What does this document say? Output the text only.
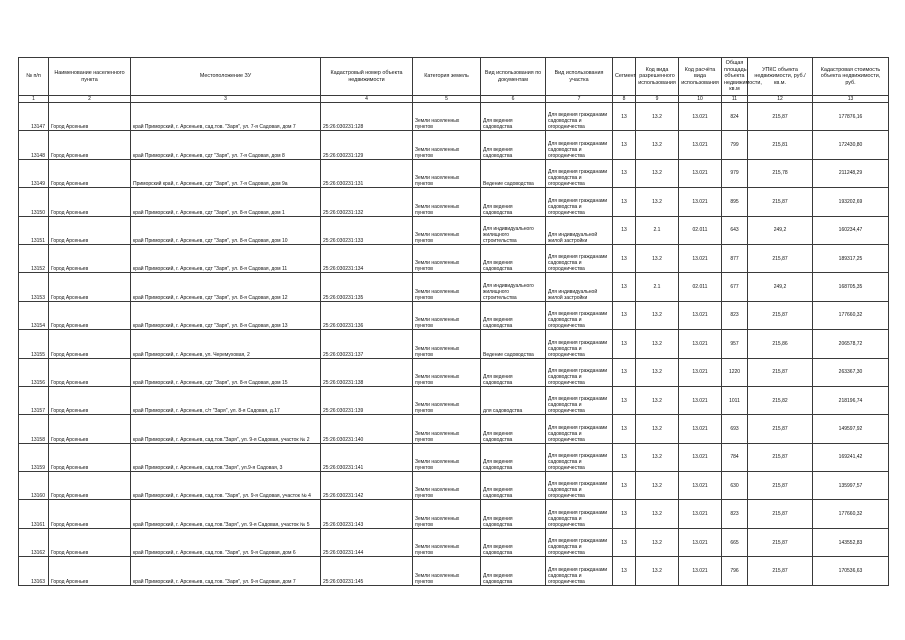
№ п/п	Наименование населенного пункта	Местоположение ЗУ	Кадастровый номер объекта недвижимости	Категория земель	Вид использования по документам	Вид использования участка	Сегмент	Код вида разрешенного использования	Код расчёта вида использования	Общая площадь объекта недвижимости, кв.м	УПКС объекта недвижимости, руб./кв.м.	Кадастровая стоимость объекта недвижимости, руб.
1	2	3	4	5	6	7	8	9	10	11	12	13
13147	Город Арсеньев	край Приморский, г. Арсеньев, сад.тов. "Заря", ул. 7-я Садовая, дом 7	25:26:030231:128	Земли населенных пунктов	Для ведения садоводства	Для ведения гражданами садоводства и огородничества	13	13.2	13.021	824	215,87	177876,16
13148	Город Арсеньев	край Приморский, г. Арсеньев, сдт "Заря", ул. 7-я Садовая, дом 8	25:26:030231:129	Земли населенных пунктов	Для ведения садоводства	Для ведения гражданами садоводства и огородничества	13	13.2	13.021	799	215,81	172430,80
13149	Город Арсеньев	Приморский край, г. Арсеньев, сдт "Заря", ул. 7-я Садовая, дом 9а	25:26:030231:131	Земли населенных пунктов	Ведение садоводства	Для ведения гражданами садоводства и огородничества	13	13.2	13.021	979	215,78	211248,29
13150	Город Арсеньев	край Приморский, г. Арсеньев, сдт "Заря", ул. 8-я Садовая, дом 1	25:26:030231:132	Земли населенных пунктов	Для ведения садоводства	Для ведения гражданами садоводства и огородничества	13	13.2	13.021	895	215,87	193202,69
13151	Город Арсеньев	край Приморский, г. Арсеньев, сдт "Заря", ул. 8-я Садовая, дом 10	25:26:030231:133	Земли населенных пунктов	Для индивидуального жилищного строительства	Для индивидуальной жилой застройки	13	2.1	02.011	643	249,2	160234,47
13152	Город Арсеньев	край Приморский, г. Арсеньев, сдт "Заря", ул. 8-я Садовая, дом 11	25:26:030231:134	Земли населенных пунктов	Для ведения садоводства	Для ведения гражданами садоводства и огородничества	13	13.2	13.021	877	215,87	189317,25
13153	Город Арсеньев	край Приморский, г. Арсеньев, сдт "Заря", ул. 8-я Садовая, дом 12	25:26:030231:135	Земли населенных пунктов	Для индивидуального жилищного строительства	Для индивидуальной жилой застройки	13	2.1	02.011	677	249,2	168705,35
13154	Город Арсеньев	край Приморский, г. Арсеньев, сдт "Заря", ул. 8-я Садовая, дом 13	25:26:030231:136	Земли населенных пунктов	Для ведения садоводства	Для ведения гражданами садоводства и огородничества	13	13.2	13.021	823	215,87	177660,32
13155	Город Арсеньев	край Приморский, г. Арсеньев, ул. Черемуховая, 2	25:26:030231:137	Земли населенных пунктов	Ведение садоводства	Для ведения гражданами садоводства и огородничества	13	13.2	13.021	957	215,86	206578,72
13156	Город Арсеньев	край Приморский, г. Арсеньев, сдт "Заря", ул. 8-я Садовая, дом 15	25:26:030231:138	Земли населенных пунктов	Для ведения садоводства	Для ведения гражданами садоводства и огородничества	13	13.2	13.021	1220	215,87	263367,30
13157	Город Арсеньев	край Приморский, г. Арсеньев, с/т "Заря", ул. 8-я Садовая, д.17	25:26:030231:139	Земли населенных пунктов	для садоводства	Для ведения гражданами садоводства и огородничества	13	13.2	13.021	1011	215,82	218196,74
13158	Город Арсеньев	край Приморский, г. Арсеньев, сад.тов."Заря", ул. 9-я Садовая, участок № 2	25:26:030231:140	Земли населенных пунктов	Для ведения садоводства	Для ведения гражданами садоводства и огородничества	13	13.2	13.021	693	215,87	149597,92
13159	Город Арсеньев	край Приморский, г. Арсеньев, сад.тов."Заря", ул.9-я Садовая, 3	25:26:030231:141	Земли населенных пунктов	Для ведения садоводства	Для ведения гражданами садоводства и огородничества	13	13.2	13.021	784	215,87	169241,42
13160	Город Арсеньев	край Приморский, г. Арсеньев, сад.тов. "Заря", ул. 9-я Садовая, участок № 4	25:26:030231:142	Земли населенных пунктов	Для ведения садоводства	Для ведения гражданами садоводства и огородничества	13	13.2	13.021	630	215,87	135997,57
13161	Город Арсеньев	край Приморский, г. Арсеньев, сад.тов."Заря", ул. 9-я Садовая, участок № 5	25:26:030231:143	Земли населенных пунктов	Для ведения садоводства	Для ведения гражданами садоводства и огородничества	13	13.2	13.021	823	215,87	177660,32
13162	Город Арсеньев	край Приморский, г. Арсеньев, сад.тов. "Заря", ул. 9-я Садовая, дом 6	25:26:030231:144	Земли населенных пунктов	Для ведения садоводства	Для ведения гражданами садоводства и огородничества	13	13.2	13.021	665	215,87	143552,83
13163	Город Арсеньев	край Приморский, г. Арсеньев, сад.тов. "Заря", ул. 9-я Садовая, дом 7	25:26:030231:145	Земли населенных пунктов	Для ведения садоводства	Для ведения гражданами садоводства и огородничества	13	13.2	13.021	796	215,87	170536,63
